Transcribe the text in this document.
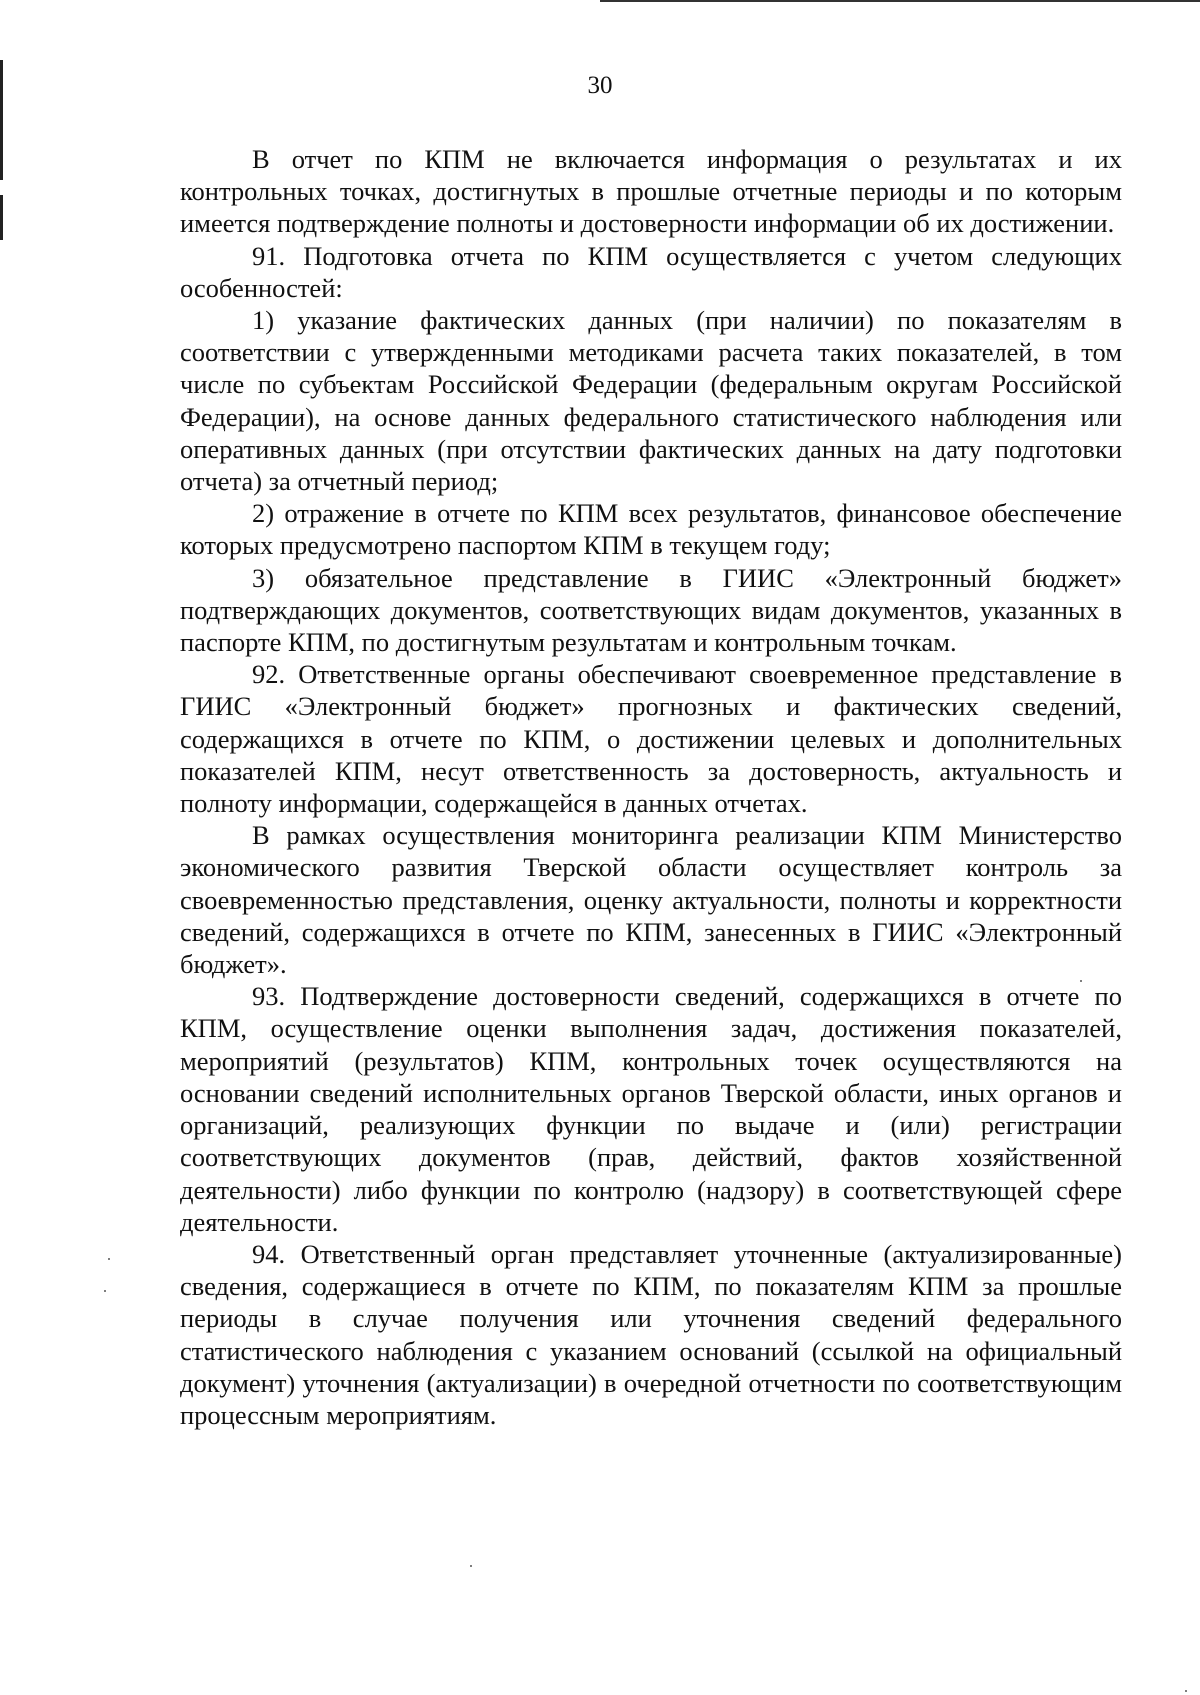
30

В отчет по КПМ не включается информация о результатах и их контрольных точках, достигнутых в прошлые отчетные периоды и по которым имеется подтверждение полноты и достоверности информации об их достижении.

91. Подготовка отчета по КПМ осуществляется с учетом следующих особенностей:

1) указание фактических данных (при наличии) по показателям в соответствии с утвержденными методиками расчета таких показателей, в том числе по субъектам Российской Федерации (федеральным округам Российской Федерации), на основе данных федерального статистического наблюдения или оперативных данных (при отсутствии фактических данных на дату подготовки отчета) за отчетный период;

2) отражение в отчете по КПМ всех результатов, финансовое обеспечение которых предусмотрено паспортом КПМ в текущем году;

3) обязательное представление в ГИИС «Электронный бюджет» подтверждающих документов, соответствующих видам документов, указанных в паспорте КПМ, по достигнутым результатам и контрольным точкам.

92. Ответственные органы обеспечивают своевременное представление в ГИИС «Электронный бюджет» прогнозных и фактических сведений, содержащихся в отчете по КПМ, о достижении целевых и дополнительных показателей КПМ, несут ответственность за достоверность, актуальность и полноту информации, содержащейся в данных отчетах.

В рамках осуществления мониторинга реализации КПМ Министерство экономического развития Тверской области осуществляет контроль за своевременностью представления, оценку актуальности, полноты и корректности сведений, содержащихся в отчете по КПМ, занесенных в ГИИС «Электронный бюджет».

93. Подтверждение достоверности сведений, содержащихся в отчете по КПМ, осуществление оценки выполнения задач, достижения показателей, мероприятий (результатов) КПМ, контрольных точек осуществляются на основании сведений исполнительных органов Тверской области, иных органов и организаций, реализующих функции по выдаче и (или) регистрации соответствующих документов (прав, действий, фактов хозяйственной деятельности) либо функции по контролю (надзору) в соответствующей сфере деятельности.

94. Ответственный орган представляет уточненные (актуализированные) сведения, содержащиеся в отчете по КПМ, по показателям КПМ за прошлые периоды в случае получения или уточнения сведений федерального статистического наблюдения с указанием оснований (ссылкой на официальный документ) уточнения (актуализации) в очередной отчетности по соответствующим процессным мероприятиям.
